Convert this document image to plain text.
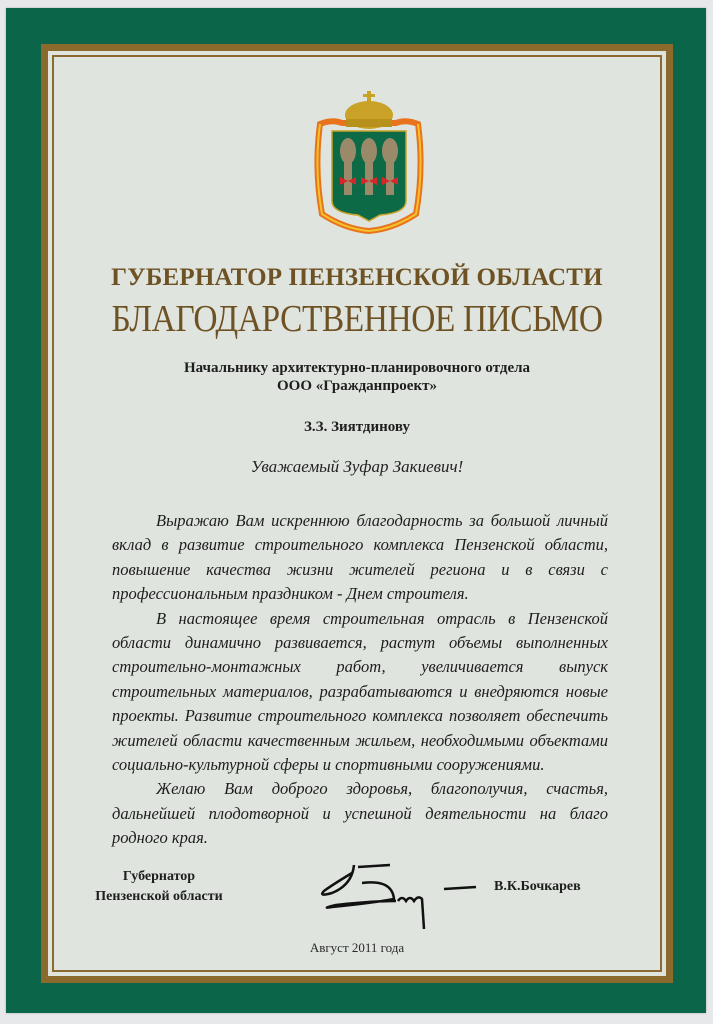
ГУБЕРНАТОР ПЕНЗЕНСКОЙ ОБЛАСТИ
БЛАГОДАРСТВЕННОЕ ПИСЬМО
Начальнику архитектурно-планировочного отдела
ООО «Гражданпроект»
З.З. Зиятдинову
Уважаемый Зуфар Закиевич!

Выражаю Вам искреннюю благодарность за большой личный вклад в развитие строительного комплекса Пензенской области, повышение качества жизни жителей региона и в связи с профессиональным праздником - Днем строителя.

В настоящее время строительная отрасль в Пензенской области динамично развивается, растут объемы выполненных строительно-монтажных работ, увеличивается выпуск строительных материалов, разрабатываются и внедряются новые проекты. Развитие строительного комплекса позволяет обеспечить жителей области качественным жильем, необходимыми объектами социально-культурной сферы и спортивными сооружениями.

Желаю Вам доброго здоровья, благополучия, счастья, дальнейшей плодотворной и успешной деятельности на благо родного края.

Губернатор
Пензенской области
В.К.Бочкарев
Август 2011 года
